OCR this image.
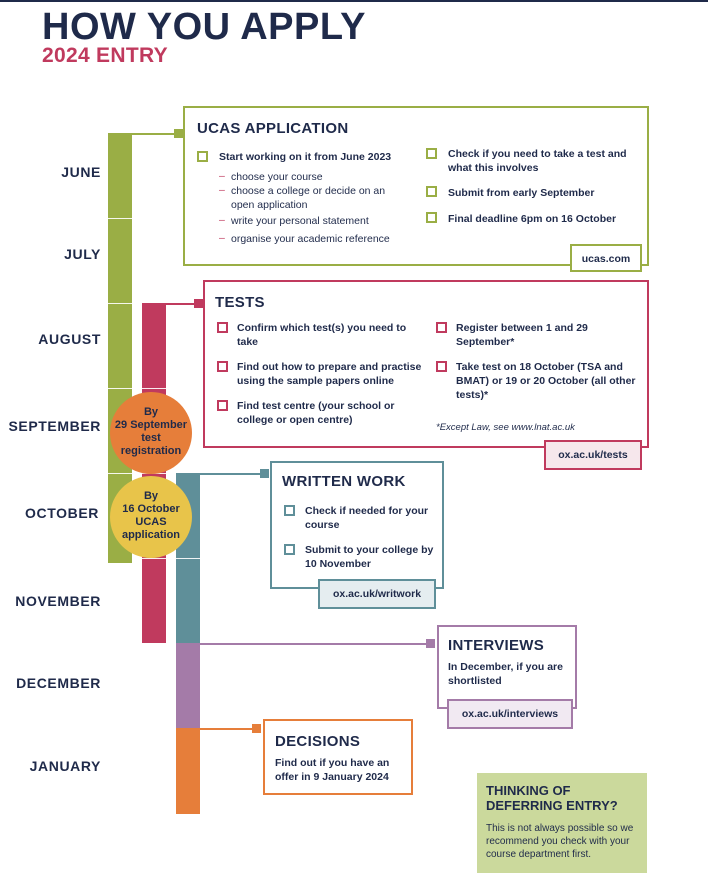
HOW YOU APPLY
2024 ENTRY
JUNE
JULY
AUGUST
SEPTEMBER
OCTOBER
NOVEMBER
DECEMBER
JANUARY
UCAS APPLICATION
Start working on it from June 2023
– choose your course
– choose a college or decide on an open application
– write your personal statement
– organise your academic reference
Check if you need to take a test and what this involves
Submit from early September
Final deadline 6pm on 16 October
ucas.com
TESTS
Confirm which test(s) you need to take
Find out how to prepare and practise using the sample papers online
Find test centre (your school or college or open centre)
Register between 1 and 29 September*
Take test on 18 October (TSA and BMAT) or 19 or 20 October (all other tests)*
*Except Law, see www.lnat.ac.uk
ox.ac.uk/tests
WRITTEN WORK
Check if needed for your course
Submit to your college by 10 November
ox.ac.uk/writwork
INTERVIEWS
In December, if you are shortlisted
ox.ac.uk/interviews
DECISIONS
Find out if you have an offer in 9 January 2024
By
29 September
test
registration
By
16 October
UCAS
application
THINKING OF DEFERRING ENTRY?
This is not always possible so we recommend you check with your course department first.
